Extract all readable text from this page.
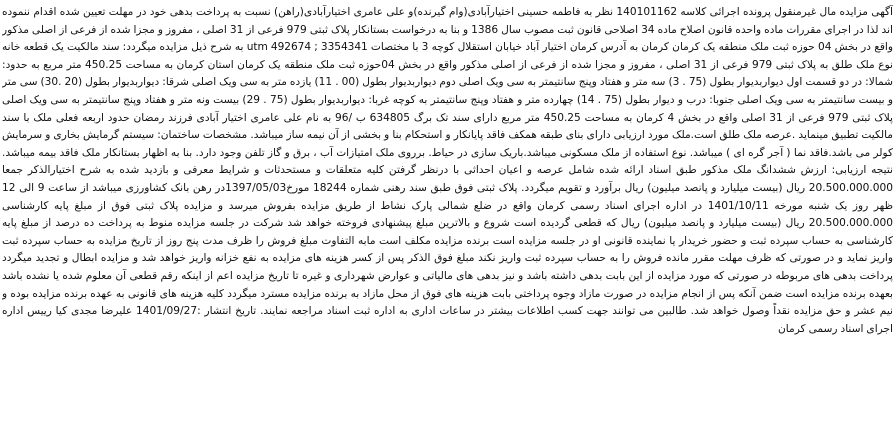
آگهی مزایده مال غیرمنقول پرونده اجرائی کلاسه 140101162 نظر به فاطمه حسینی اختیارآبادی(وام گیرنده)و علی عامری اختیارآبادی(راهن) نسبت به پرداخت بدهی خود در مهلت تعیین شده اقدام ننموده اند لذا در اجرای مقررات ماده واحده قانون اصلاح ماده 34 اصلاحی قانون ثبت مصوب سال 1386 و بنا به درخواست بستانکار پلاک ثبتی 979 فرعی از 31 اصلی ، مفروز و مجزا شده از فرعی از اصلی مذکور واقع در بخش 04 حوزه ثبت ملک منطقه یک کرمان کرمان به آدرس کرمان اختیار آباد خیابان استقلال کوچه 3 با مختصات utm 492674 ; 3354341 به شرح ذیل مزایده میگردد: سند مالکیت یک قطعه خانه نوع ملک طلق به پلاک ثبتی 979 فرعی از 31 اصلی ، مفروز و مجزا شده از فرعی از اصلی مذکور واقع در بخش 04حوزه ثبت ملک منطقه یک کرمان استان کرمان به مساحت 450.25 متر مربع به حدود: شمالا: در دو قسمت اول دیواربدیوار بطول (75 . 3) سه متر و هفتاد وپنج سانتیمتر به سی ویک اصلی دوم دیواربدیوار بطول (00 . 11) یازده متر به سی ویک اصلی شرقا: دیواربدیوار بطول (20 .30) سی متر و بیست سانتیمتر به سی ویک اصلی جنوبا: درب و دیوار بطول (75 . 14) چهارده متر و هفتاد وپنج سانتیمتر به کوچه غربا: دیواربدیوار بطول (75 . 29) بیست ونه متر و هفتاد وپنج سانتیمتر به سی ویک اصلی پلاک ثبتی 979 فرعی از 31 اصلی واقع در بخش 4 کرمان به مساحت 450.25 متر مربع دارای سند تک برگ 634805 ب /96 به نام علی عامری اختیار آبادی فرزند رمضان حدود اربعه فعلی ملک با سند مالکیت تطبیق مینماید .عرصه ملک طلق است.ملک مورد ارزیابی دارای بنای طبقه همکف فاقد پایانکار و استحکام بنا و بخشی از آن نیمه ساز میباشد. مشخصات ساختمان: سیستم گرمایش بخاری و سرمایش کولر می باشد.فاقد نما ( آجر گره ای ) میباشد. نوع استفاده از ملک مسکونی میباشد.باریک سازی در حیاط. برروی ملک امتیازات آب ، برق و گاز تلفن وجود دارد. بنا به اظهار بستانکار ملک فاقد بیمه میباشد. نتیجه ارزیابی: ارزش ششدانگ ملک مذکور طبق اسناد ارائه شده شامل عرصه و اعیان احداثی با درنظر گرفتن کلیه متعلقات و مستحدثات و شرایط معرفی و بازدید شده به شرح اختیارالذکر جمعا 20.500.000.000 ریال (بیست میلیارد و پانصد میلیون) ریال برآورد و تقویم میگردد. پلاک ثبتی فوق طبق سند رهنی شماره 18244 مورخ1397/05/03در رهن بانک کشاورزی میباشد از ساعت 9 الی 12 ظهر روز یک شنبه مورخه 1401/10/11 در اداره اجرای اسناد رسمی کرمان واقع در ضلع شمالی پارک نشاط از طریق مزایده بفروش میرسد و مزایده پلاک ثبتی فوق از مبلغ پایه کارشناسی 20.500.000.000 ریال (بیست میلیارد و پانصد میلیون) ریال که قطعی گردیده است شروع و بالاترین مبلغ پیشنهادی فروخته خواهد شد شرکت در جلسه مزایده منوط به پرداخت ده درصد از مبلغ پایه کارشناسی به حساب سپرده ثبت و حضور خریدار یا نماینده قانونی او در جلسه مزایده است برنده مزایده مکلف است مابه التفاوت مبلغ فروش را ظرف مدت پنج روز از تاریخ مزایده به حساب سپرده ثبت واریز نماید و در صورتی که ظرف مهلت مقرر مانده فروش را به حساب سپرده ثبت واریز نکند مبلغ فوق الذکر پس از کسر هزینه های مزایده به نفع خزانه واریز خواهد شد و مزایده ابطال و تجدید میگردد پرداخت بدهی های مربوطه در صورتی که مورد مزایده از این بابت بدهی داشته باشد و نیز بدهی های مالیاتی و عوارض شهرداری و غیره تا تاریخ مزایده اعم از اینکه رقم قطعی آن معلوم شده یا نشده باشد بعهده برنده مزایده است ضمن آنکه پس از انجام مزایده در صورت مازاد وجوه پرداختی بابت هزینه های فوق از محل مازاد به برنده مزایده مسترد میگردد کلیه هزینه های قانونی به عهده برنده مزایده بوده و نیم عشر و حق مزایده نقداً وصول خواهد شد. طالبین می توانند جهت کسب اطلاعات بیشتر در ساعات اداری به اداره ثبت اسناد مراجعه نمایند. تاریخ انتشار :1401/09/27 علیرضا مجدی کیا رییس اداره اجرای اسناد رسمی کرمان
